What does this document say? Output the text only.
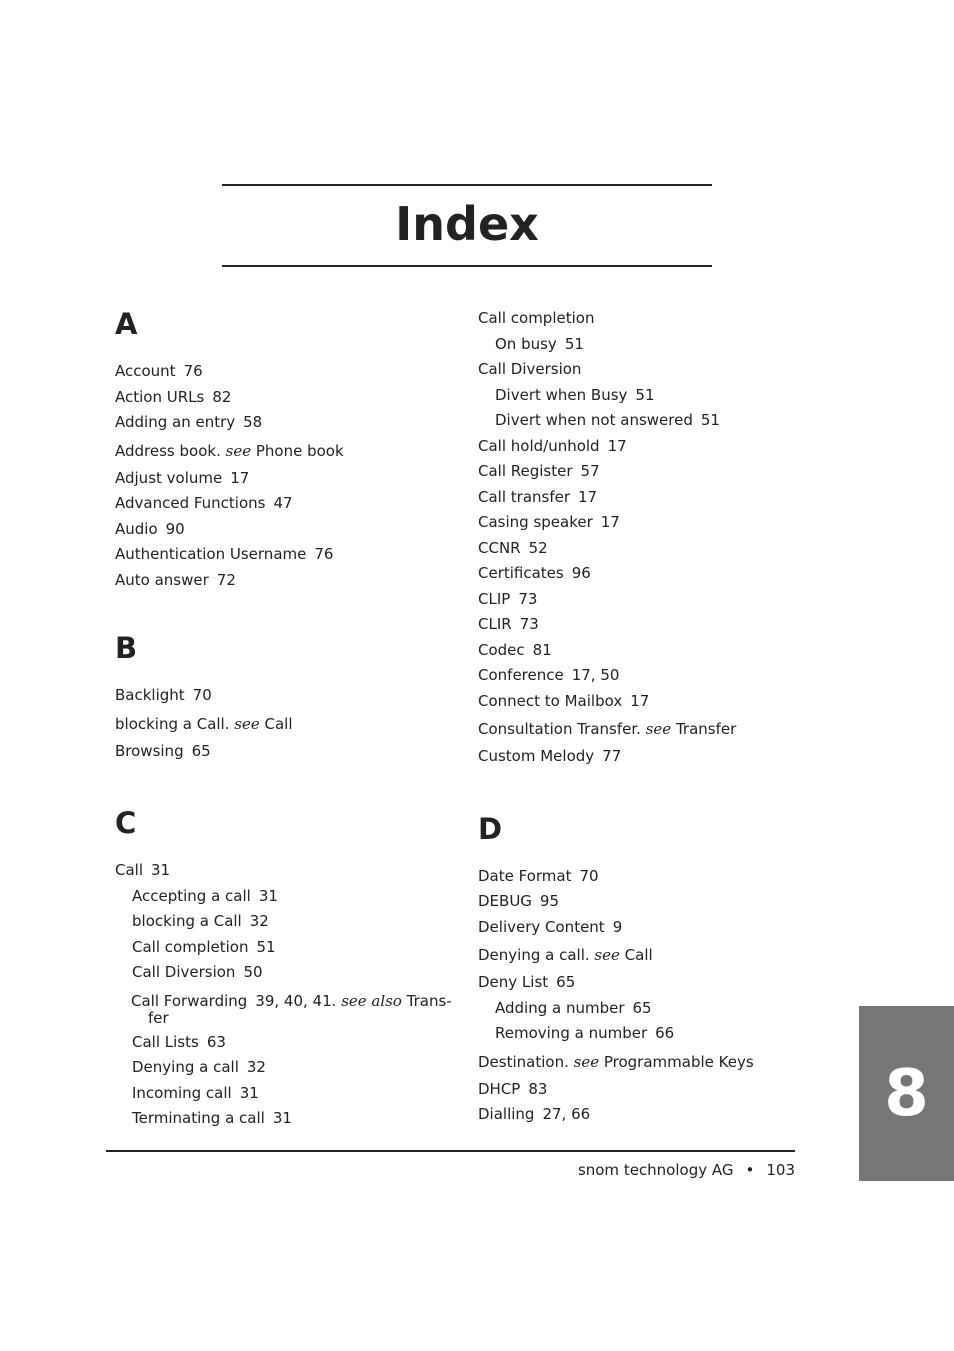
Index
A
Account 76
Action URLs 82
Adding an entry 58
Address book. see Phone book
Adjust volume 17
Advanced Functions 47
Audio 90
Authentication Username 76
Auto answer 72
B
Backlight 70
blocking a Call. see Call
Browsing 65
C
Call 31
Accepting a call 31
blocking a Call 32
Call completion 51
Call Diversion 50
Call Forwarding 39, 40, 41. see also Trans-fer
Call Lists 63
Denying a call 32
Incoming call 31
Terminating a call 31
Call completion
On busy 51
Call Diversion
Divert when Busy 51
Divert when not answered 51
Call hold/unhold 17
Call Register 57
Call transfer 17
Casing speaker 17
CCNR 52
Certificates 96
CLIP 73
CLIR 73
Codec 81
Conference 17, 50
Connect to Mailbox 17
Consultation Transfer. see Transfer
Custom Melody 77
D
Date Format 70
DEBUG 95
Delivery Content 9
Denying a call. see Call
Deny List 65
Adding a number 65
Removing a number 66
Destination. see Programmable Keys
DHCP 83
Dialling 27, 66
snom technology AG • 103
8
